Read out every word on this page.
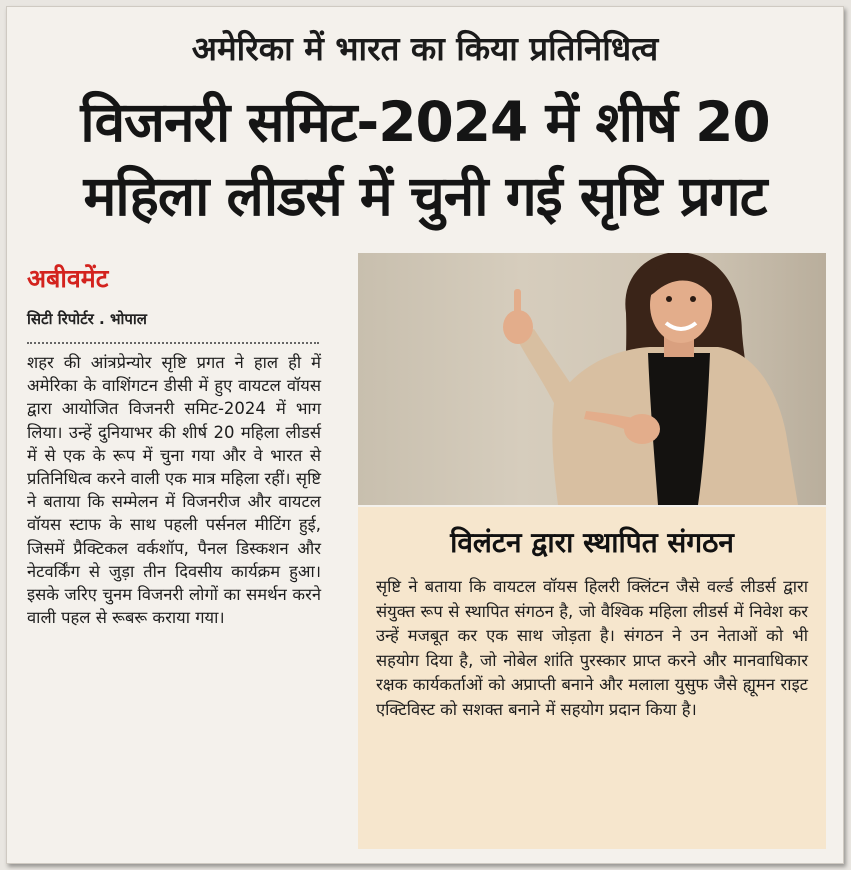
अमेरिका में भारत का किया प्रतिनिधित्व
विजनरी समिट-2024 में शीर्ष 20
महिला लीडर्स में चुनी गई सृष्टि प्रगट
अबीवमेंट
सिटी रिपोर्टर . भोपाल
शहर की आंत्रप्रेन्योर सृष्टि प्रगत ने हाल ही में अमेरिका के वाशिंगटन डीसी में हुए वायटल वॉयस द्वारा आयोजित विजनरी समिट-2024 में भाग लिया। उन्हें दुनियाभर की शीर्ष 20 महिला लीडर्स में से एक के रूप में चुना गया और वे भारत से प्रतिनिधित्व करने वाली एक मात्र महिला रहीं। सृष्टि ने बताया कि सम्मेलन में विजनरीज और वायटल वॉयस स्टाफ के साथ पहली पर्सनल मीटिंग हुई, जिसमें प्रैक्टिकल वर्कशॉप, पैनल डिस्कशन और नेटवर्किंग से जुड़ा तीन दिवसीय कार्यक्रम हुआ। इसके जरिए चुनम विजनरी लोगों का समर्थन करने वाली पहल से रूबरू कराया गया।
विलंटन द्वारा स्थापित संगठन
सृष्टि ने बताया कि वायटल वॉयस हिलरी क्लिंटन जैसे वर्ल्ड लीडर्स द्वारा संयुक्त रूप से स्थापित संगठन है, जो वैश्विक महिला लीडर्स में निवेश कर उन्हें मजबूत कर एक साथ जोड़ता है। संगठन ने उन नेताओं को भी सहयोग दिया है, जो नोबेल शांति पुरस्कार प्राप्त करने और मानवाधिकार रक्षक कार्यकर्ताओं को अप्राप्ती बनाने और मलाला युसुफ जैसे ह्यूमन राइट एक्टिविस्ट को सशक्त बनाने में सहयोग प्रदान किया है।
